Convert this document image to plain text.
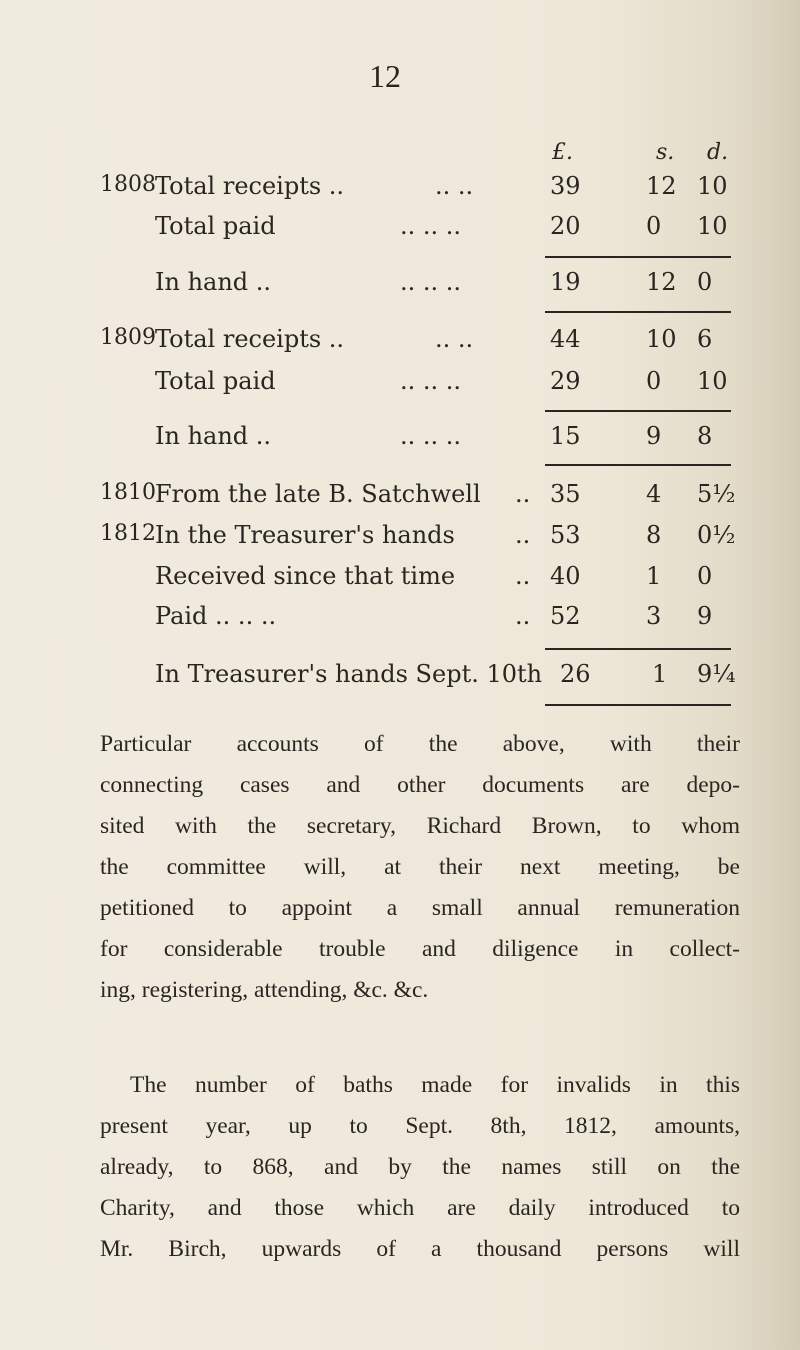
12
£.	s. d.
1808 Total receipts ..	.. ..	39	12 10
Total paid	.. .. ..	20	0	10
In hand ..	.. .. ..	19	12 0
1809 Total receipts ..	.. ..	44	10 6
Total paid	.. .. ..	29	0	10
In hand ..	.. .. ..	15	9	8
1810 From the late B. Satchwell .. 35	4	5½
1812 In the Treasurer's hands	.. 53	8	0½
Received since that time .. 40	1	0
Paid .. .. ..	.. 52	3	9
In Treasurer's hands Sept. 10th 26	1	9¼
Particular accounts of the above, with their
connecting cases and other documents are depo-
sited with the secretary, Richard Brown, to whom
the committee will, at their next meeting, be
petitioned to appoint a small annual remuneration
for considerable trouble and diligence in collect-
ing, registering, attending, &c. &c.
The number of baths made for invalids in this
present year, up to Sept. 8th, 1812, amounts,
already, to 868, and by the names still on the
Charity, and those which are daily introduced to
Mr. Birch, upwards of a thousand persons will
